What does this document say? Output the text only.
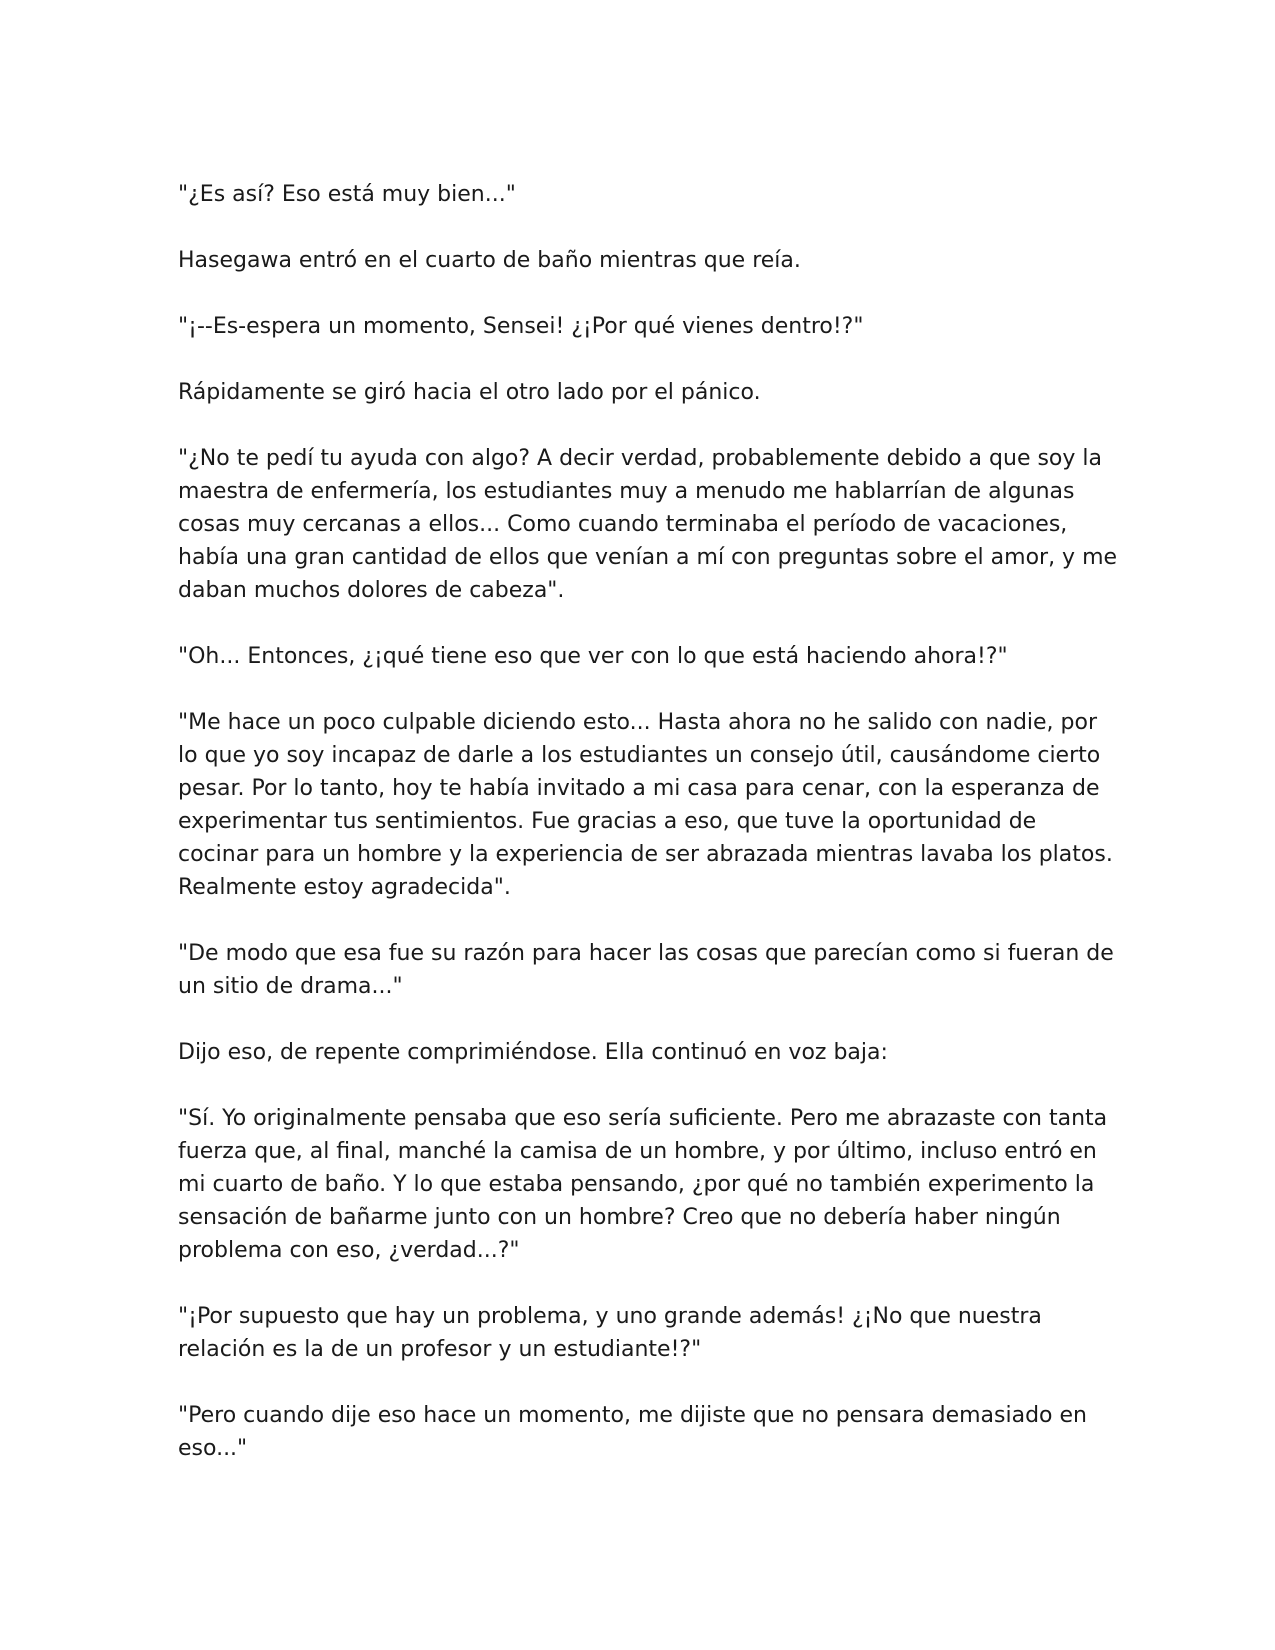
"¿Es así? Eso está muy bien..."

Hasegawa entró en el cuarto de baño mientras que reía.

"¡--Es-espera un momento, Sensei! ¿¡Por qué vienes dentro!?"

Rápidamente se giró hacia el otro lado por el pánico.

"¿No te pedí tu ayuda con algo? A decir verdad, probablemente debido a que soy la maestra de enfermería, los estudiantes muy a menudo me hablarrían de algunas cosas muy cercanas a ellos... Como cuando terminaba el período de vacaciones, había una gran cantidad de ellos que venían a mí con preguntas sobre el amor, y me daban muchos dolores de cabeza".

"Oh... Entonces, ¿¡qué tiene eso que ver con lo que está haciendo ahora!?"

"Me hace un poco culpable diciendo esto... Hasta ahora no he salido con nadie, por lo que yo soy incapaz de darle a los estudiantes un consejo útil, causándome cierto pesar. Por lo tanto, hoy te había invitado a mi casa para cenar, con la esperanza de experimentar tus sentimientos. Fue gracias a eso, que tuve la oportunidad de cocinar para un hombre y la experiencia de ser abrazada mientras lavaba los platos. Realmente estoy agradecida".

"De modo que esa fue su razón para hacer las cosas que parecían como si fueran de un sitio de drama..."

Dijo eso, de repente comprimiéndose. Ella continuó en voz baja:

"Sí. Yo originalmente pensaba que eso sería suficiente. Pero me abrazaste con tanta fuerza que, al final, manché la camisa de un hombre, y por último, incluso entró en mi cuarto de baño. Y lo que estaba pensando, ¿por qué no también experimento la sensación de bañarme junto con un hombre? Creo que no debería haber ningún problema con eso, ¿verdad...?"

"¡Por supuesto que hay un problema, y uno grande además! ¿¡No que nuestra relación es la de un profesor y un estudiante!?"

"Pero cuando dije eso hace un momento, me dijiste que no pensara demasiado en eso..."
